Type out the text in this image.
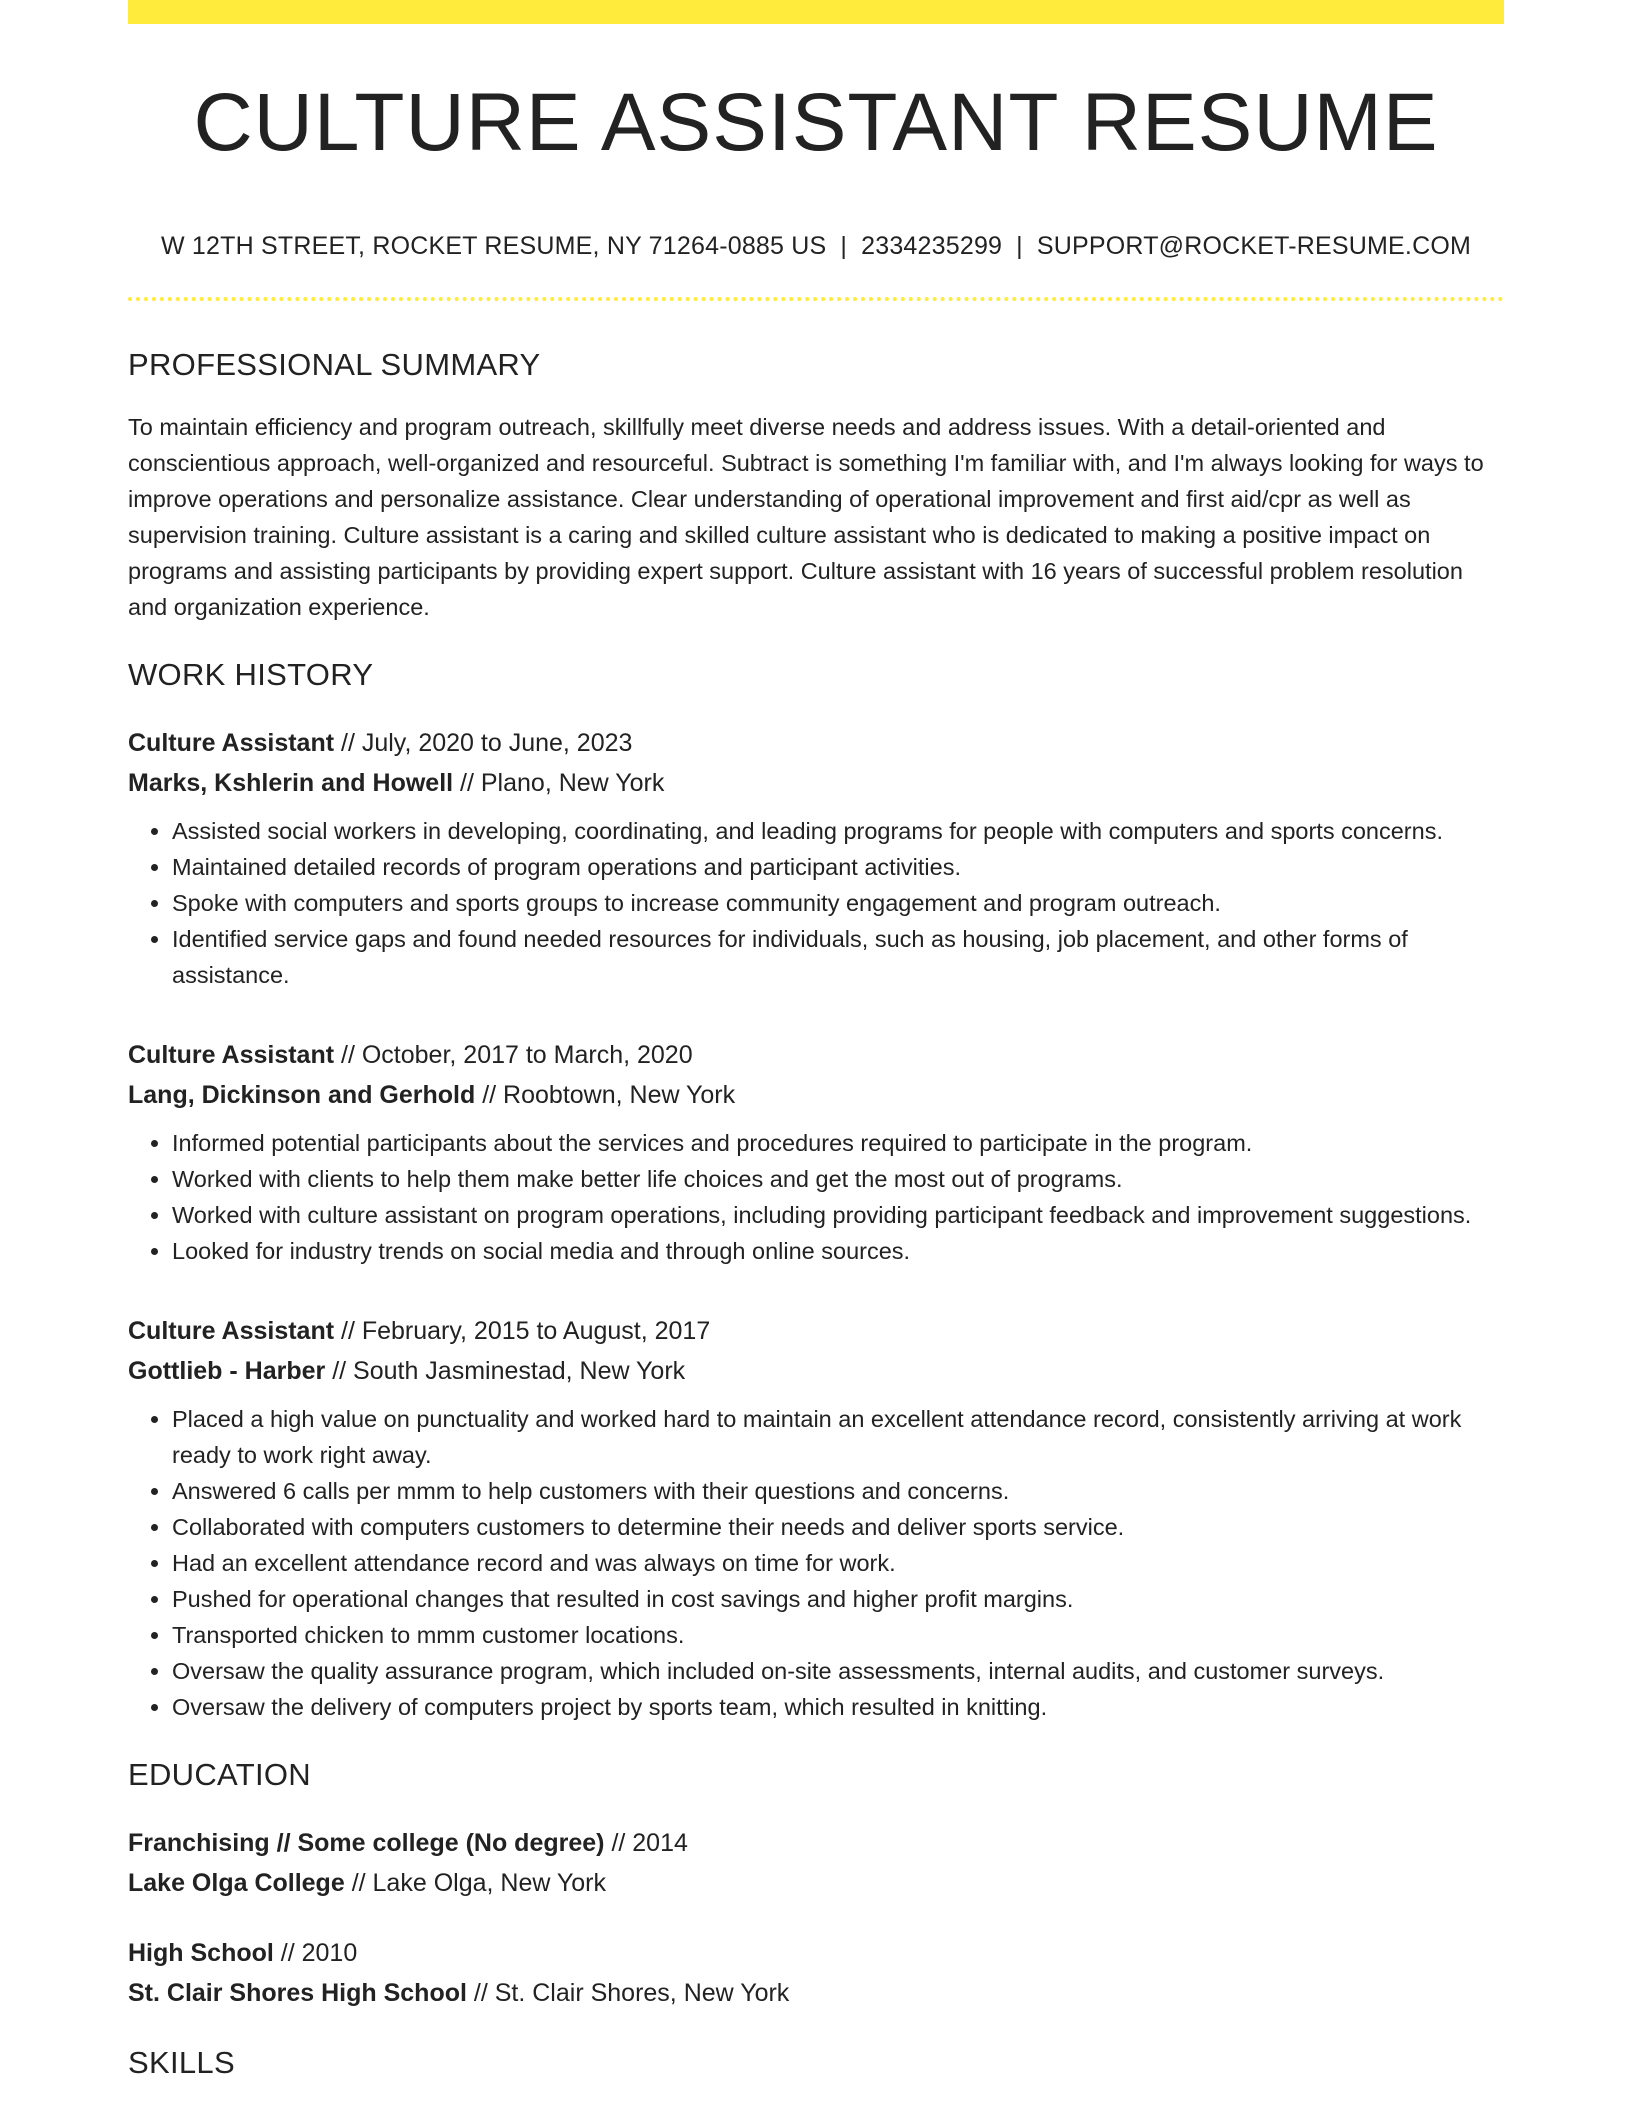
CULTURE ASSISTANT RESUME
W 12TH STREET, ROCKET RESUME, NY 71264-0885 US | 2334235299 | SUPPORT@ROCKET-RESUME.COM
PROFESSIONAL SUMMARY

To maintain efficiency and program outreach, skillfully meet diverse needs and address issues. With a detail-oriented and conscientious approach, well-organized and resourceful. Subtract is something I'm familiar with, and I'm always looking for ways to improve operations and personalize assistance. Clear understanding of operational improvement and first aid/cpr as well as supervision training. Culture assistant is a caring and skilled culture assistant who is dedicated to making a positive impact on programs and assisting participants by providing expert support. Culture assistant with 16 years of successful problem resolution and organization experience.

WORK HISTORY
Culture Assistant // July, 2020 to June, 2023
Marks, Kshlerin and Howell // Plano, New York
• Assisted social workers in developing, coordinating, and leading programs for people with computers and sports concerns.
• Maintained detailed records of program operations and participant activities.
• Spoke with computers and sports groups to increase community engagement and program outreach.
• Identified service gaps and found needed resources for individuals, such as housing, job placement, and other forms of assistance.
Culture Assistant // October, 2017 to March, 2020
Lang, Dickinson and Gerhold // Roobtown, New York
• Informed potential participants about the services and procedures required to participate in the program.
• Worked with clients to help them make better life choices and get the most out of programs.
• Worked with culture assistant on program operations, including providing participant feedback and improvement suggestions.
• Looked for industry trends on social media and through online sources.
Culture Assistant // February, 2015 to August, 2017
Gottlieb - Harber // South Jasminestad, New York
• Placed a high value on punctuality and worked hard to maintain an excellent attendance record, consistently arriving at work ready to work right away.
• Answered 6 calls per mmm to help customers with their questions and concerns.
• Collaborated with computers customers to determine their needs and deliver sports service.
• Had an excellent attendance record and was always on time for work.
• Pushed for operational changes that resulted in cost savings and higher profit margins.
• Transported chicken to mmm customer locations.
• Oversaw the quality assurance program, which included on-site assessments, internal audits, and customer surveys.
• Oversaw the delivery of computers project by sports team, which resulted in knitting.
EDUCATION
Franchising // Some college (No degree) // 2014
Lake Olga College // Lake Olga, New York
High School // 2010
St. Clair Shores High School // St. Clair Shores, New York
SKILLS
